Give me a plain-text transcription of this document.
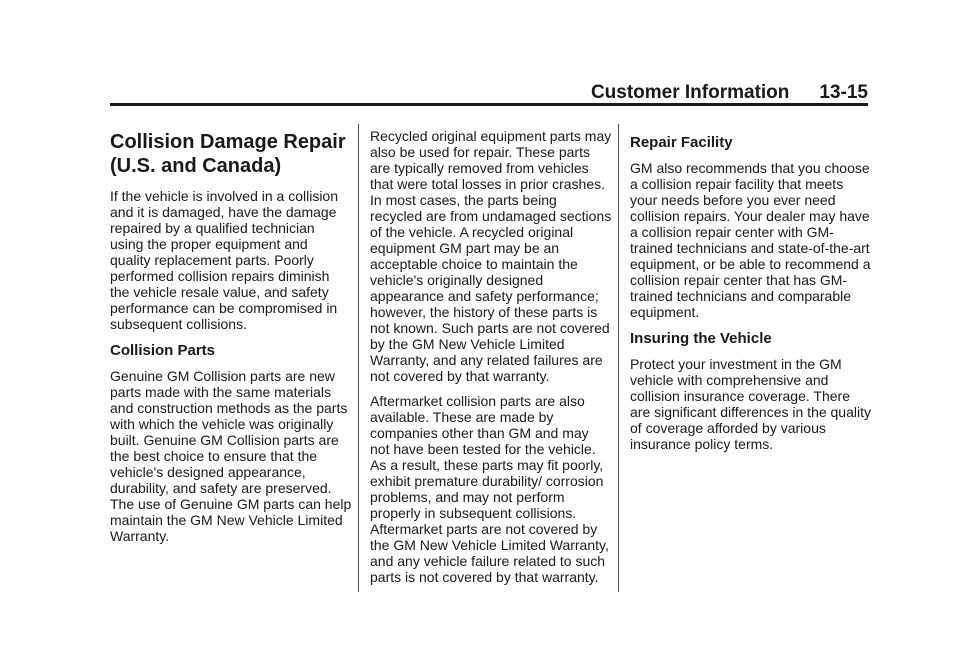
Customer Information 13-15
Collision Damage Repair (U.S. and Canada)

If the vehicle is involved in a collision and it is damaged, have the damage repaired by a qualified technician using the proper equipment and quality replacement parts. Poorly performed collision repairs diminish the vehicle resale value, and safety performance can be compromised in subsequent collisions.

Collision Parts

Genuine GM Collision parts are new parts made with the same materials and construction methods as the parts with which the vehicle was originally built. Genuine GM Collision parts are the best choice to ensure that the vehicle's designed appearance, durability, and safety are preserved. The use of Genuine GM parts can help maintain the GM New Vehicle Limited Warranty.

Recycled original equipment parts may also be used for repair. These parts are typically removed from vehicles that were total losses in prior crashes. In most cases, the parts being recycled are from undamaged sections of the vehicle. A recycled original equipment GM part may be an acceptable choice to maintain the vehicle's originally designed appearance and safety performance; however, the history of these parts is not known. Such parts are not covered by the GM New Vehicle Limited Warranty, and any related failures are not covered by that warranty.

Aftermarket collision parts are also available. These are made by companies other than GM and may not have been tested for the vehicle. As a result, these parts may fit poorly, exhibit premature durability/ corrosion problems, and may not perform properly in subsequent collisions. Aftermarket parts are not covered by the GM New Vehicle Limited Warranty, and any vehicle failure related to such parts is not covered by that warranty.

Repair Facility

GM also recommends that you choose a collision repair facility that meets your needs before you ever need collision repairs. Your dealer may have a collision repair center with GM-trained technicians and state-of-the-art equipment, or be able to recommend a collision repair center that has GM-trained technicians and comparable equipment.

Insuring the Vehicle

Protect your investment in the GM vehicle with comprehensive and collision insurance coverage. There are significant differences in the quality of coverage afforded by various insurance policy terms.
